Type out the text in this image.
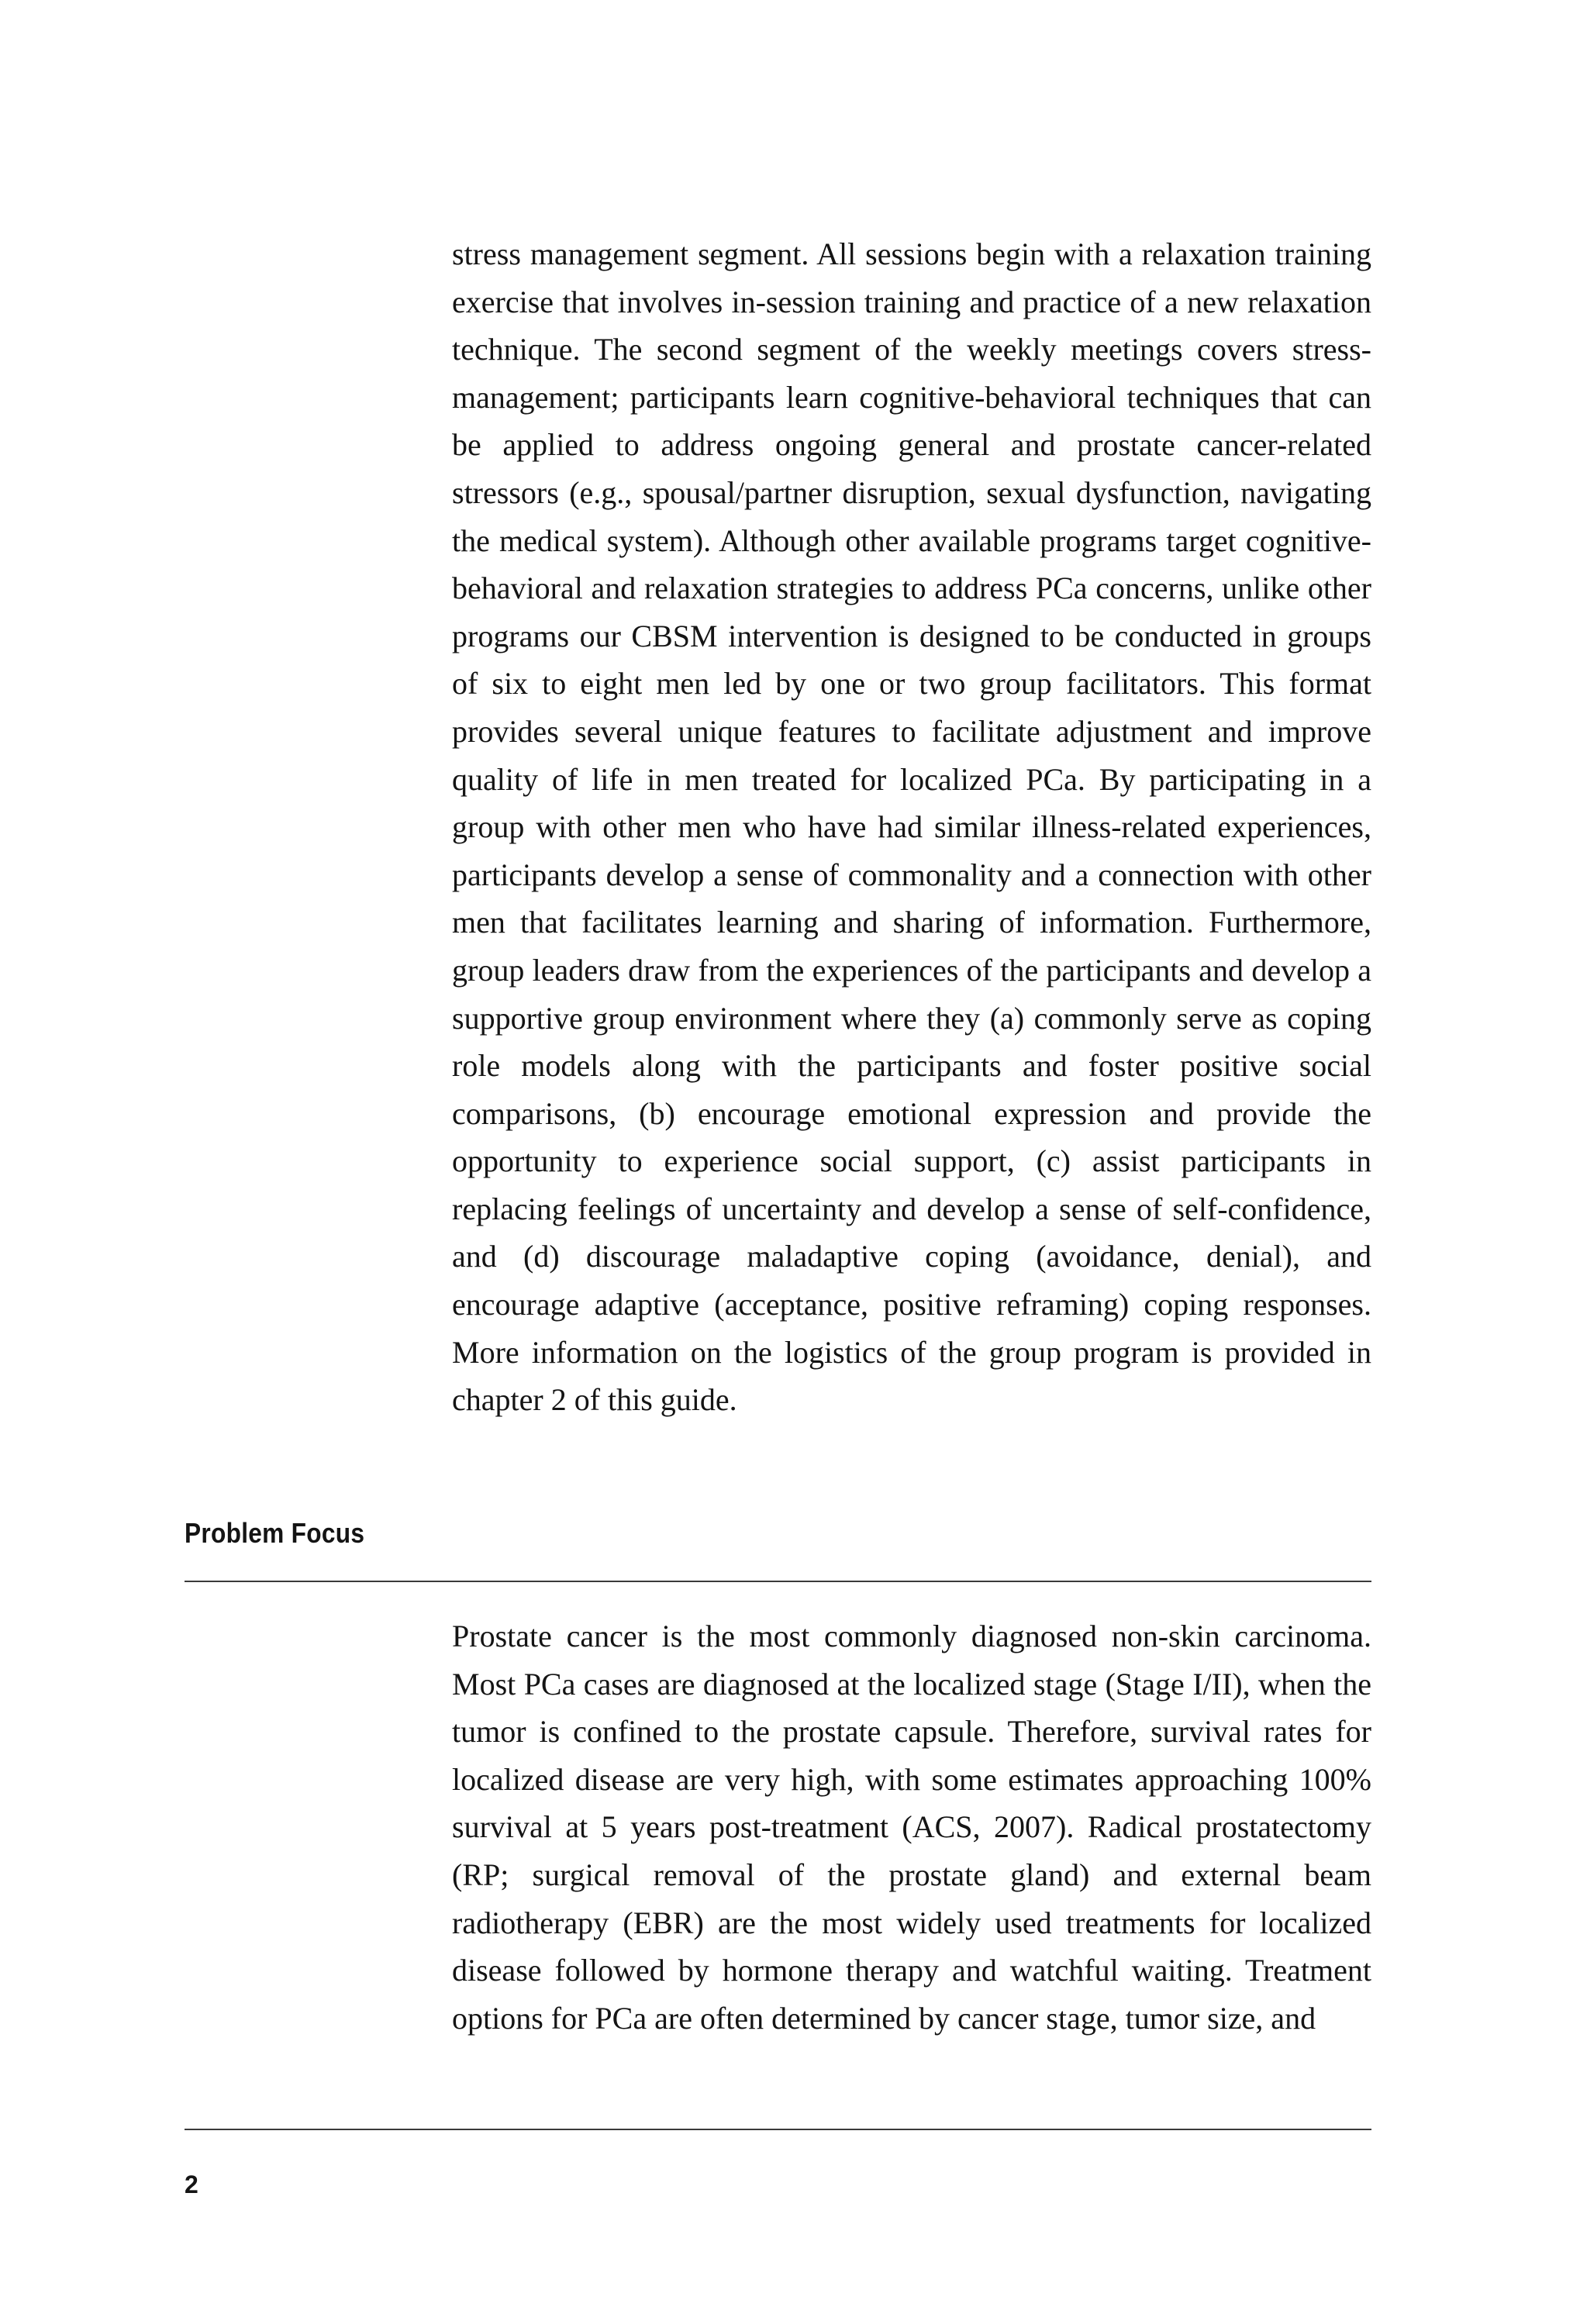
stress management segment. All sessions begin with a relaxation training exercise that involves in-session training and practice of a new relaxation technique. The second segment of the weekly meetings covers stress-management; participants learn cognitive-behavioral techniques that can be applied to address ongoing general and prostate cancer-related stressors (e.g., spousal/partner disruption, sexual dysfunction, navigating the medical system). Although other available programs target cognitive-behavioral and relaxation strategies to address PCa concerns, unlike other programs our CBSM intervention is designed to be conducted in groups of six to eight men led by one or two group facilitators. This format provides several unique features to facilitate adjustment and improve quality of life in men treated for localized PCa. By participating in a group with other men who have had similar illness-related experiences, participants develop a sense of commonality and a connection with other men that facilitates learning and sharing of information. Furthermore, group leaders draw from the experiences of the participants and develop a supportive group environment where they (a) commonly serve as coping role models along with the participants and foster positive social comparisons, (b) encourage emotional expression and provide the opportunity to experience social support, (c) assist participants in replacing feelings of uncertainty and develop a sense of self-confidence, and (d) discourage maladaptive coping (avoidance, denial), and encourage adaptive (acceptance, positive reframing) coping responses. More information on the logistics of the group program is provided in chapter 2 of this guide.

Problem Focus

Prostate cancer is the most commonly diagnosed non-skin carcinoma. Most PCa cases are diagnosed at the localized stage (Stage I/II), when the tumor is confined to the prostate capsule. Therefore, survival rates for localized disease are very high, with some estimates approaching 100% survival at 5 years post-treatment (ACS, 2007). Radical prostatectomy (RP; surgical removal of the prostate gland) and external beam radiotherapy (EBR) are the most widely used treatments for localized disease followed by hormone therapy and watchful waiting. Treatment options for PCa are often determined by cancer stage, tumor size, and

2
